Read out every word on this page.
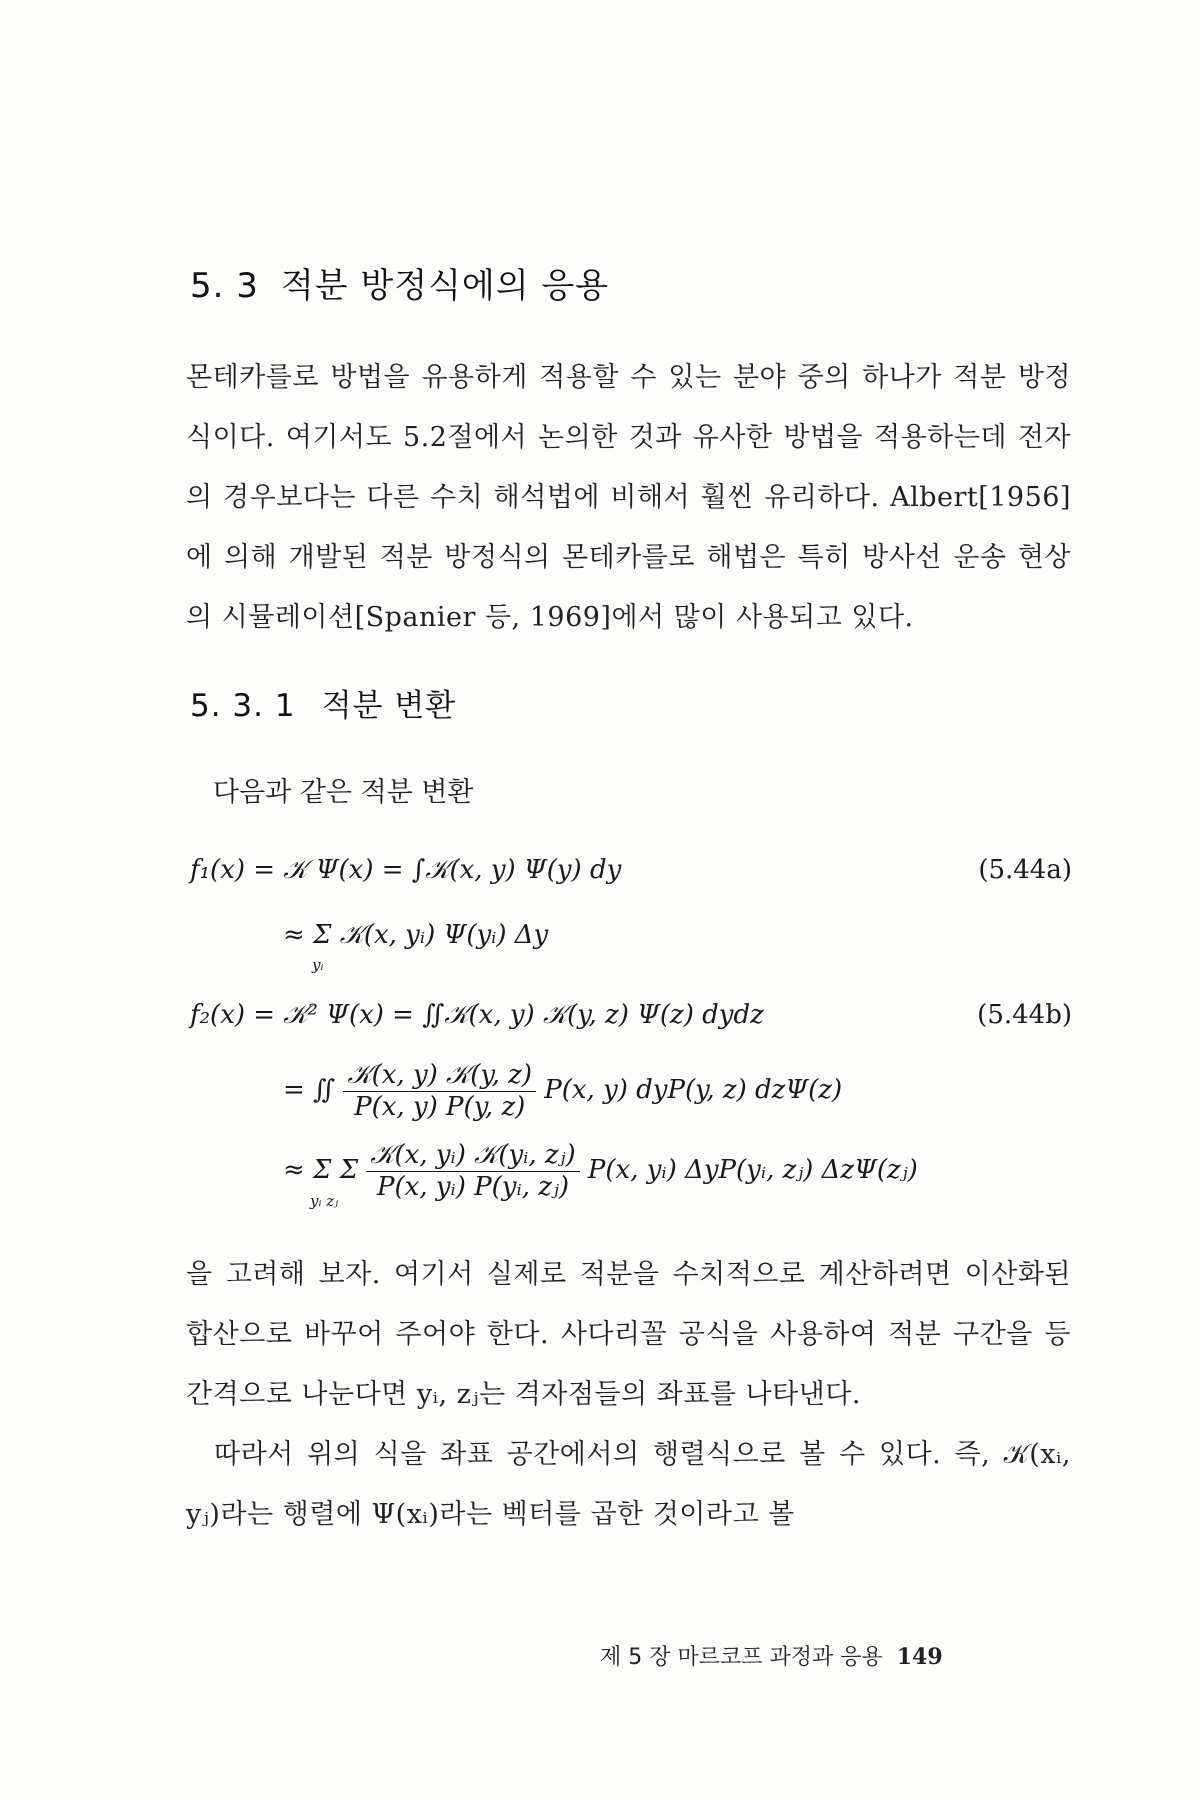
5. 3 적분 방정식에의 응용
몬테카를로 방법을 유용하게 적용할 수 있는 분야 중의 하나가 적분 방정식이다. 여기서도 5.2절에서 논의한 것과 유사한 방법을 적용하는데 전자의 경우보다는 다른 수치 해석법에 비해서 훨씬 유리하다. Albert[1956]에 의해 개발된 적분 방정식의 몬테카를로 해법은 특히 방사선 운송 현상의 시뮬레이션[Spanier 등, 1969]에서 많이 사용되고 있다.
5. 3. 1 적분 변환
다음과 같은 적분 변환
f₁(x) = 𝒦 Ψ(x) = ∫𝒦(x, y) Ψ(y) dy	(5.44a)
≈ Σ 𝒦(x, yᵢ) Ψ(yᵢ) Δy
yᵢ
f₂(x) = 𝒦² Ψ(x) = ∬𝒦(x, y) 𝒦(y, z) Ψ(z) dydz	(5.44b)
= ∬ $\frac{\text{𝒦(x, y) 𝒦(y, z)}}{P(x, y) P(y, z)} P(x$, y) dyP(y, z) dzΨ(z)
≈ Σ Σ $\frac{\text{𝒦(x, yᵢ) 𝒦(yᵢ, zⱼ)}}{\text{P(x, yᵢ) P(yᵢ, zⱼ)}} P(x$, yᵢ) ΔyP(yᵢ, zⱼ) ΔzΨ(zⱼ)
yᵢ zⱼ
을 고려해 보자. 여기서 실제로 적분을 수치적으로 계산하려면 이산화된 합산으로 바꾸어 주어야 한다. 사다리꼴 공식을 사용하여 적분 구간을 등간격으로 나눈다면 yᵢ, zⱼ는 격자점들의 좌표를 나타낸다.
따라서 위의 식을 좌표 공간에서의 행렬식으로 볼 수 있다. 즉, 𝒦(xᵢ, yⱼ)라는 행렬에 Ψ(xᵢ)라는 벡터를 곱한 것이라고 볼
제 5 장 마르코프 과정과 응용 149
